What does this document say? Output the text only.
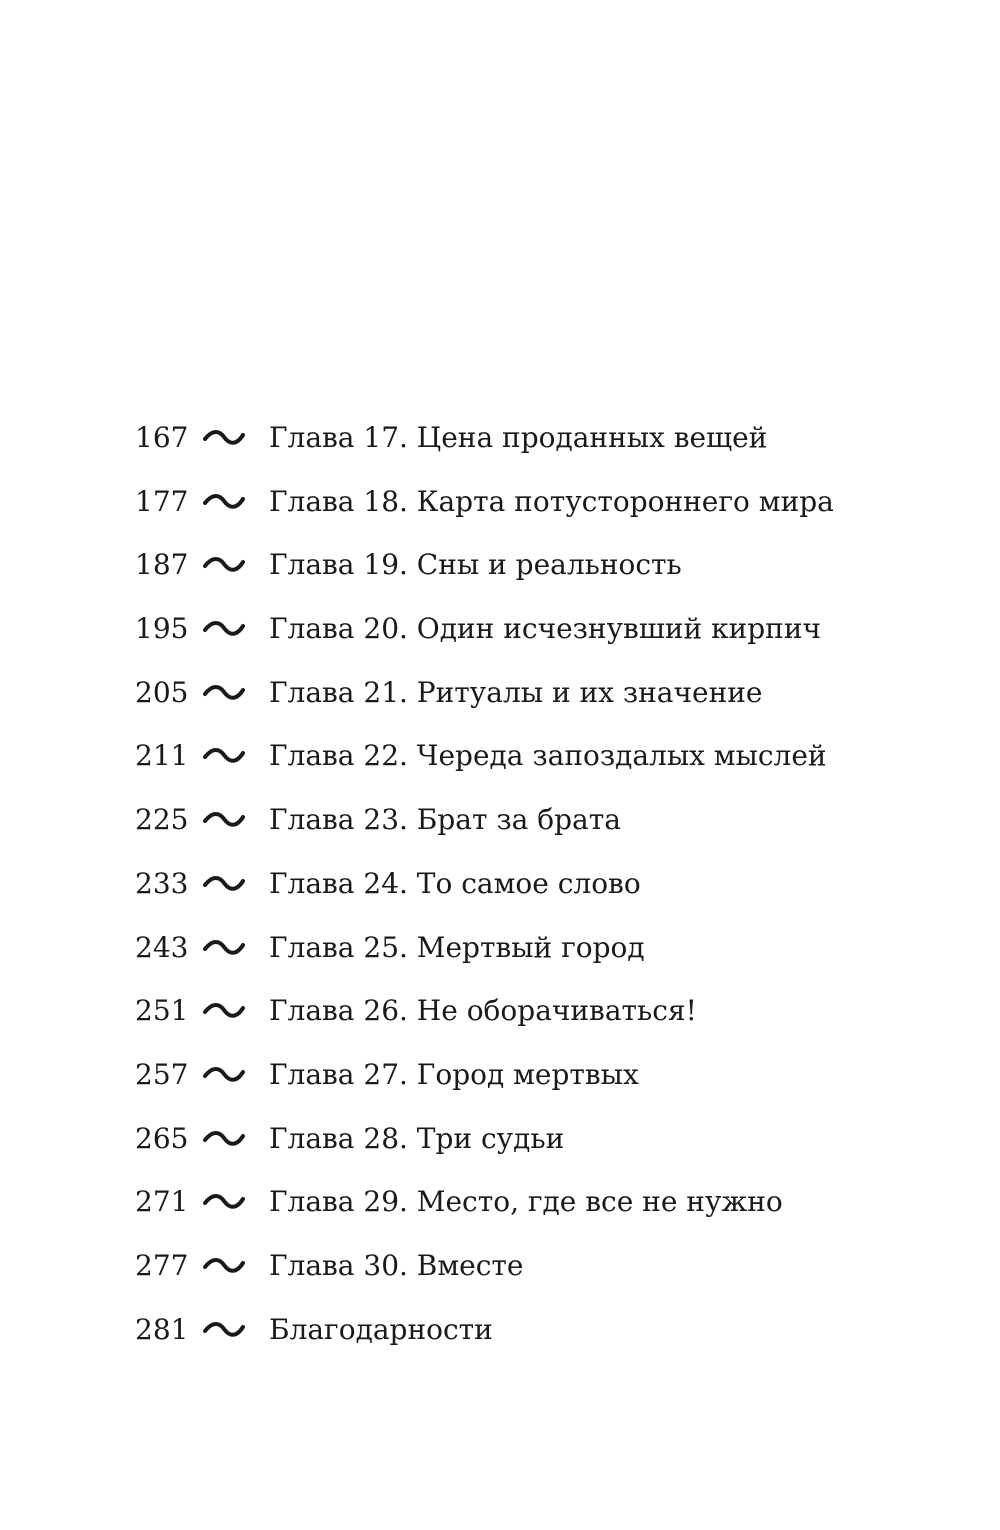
167	Глава 17. Цена проданных вещей
177	Глава 18. Карта потустороннего мира
187	Глава 19. Сны и реальность
195	Глава 20. Один исчезнувший кирпич
205	Глава 21. Ритуалы и их значение
211	Глава 22. Череда запоздалых мыслей
225	Глава 23. Брат за брата
233	Глава 24. То самое слово
243	Глава 25. Мертвый город
251	Глава 26. Не оборачиваться!
257	Глава 27. Город мертвых
265	Глава 28. Три судьи
271	Глава 29. Место, где все не нужно
277	Глава 30. Вместе
281	Благодарности
